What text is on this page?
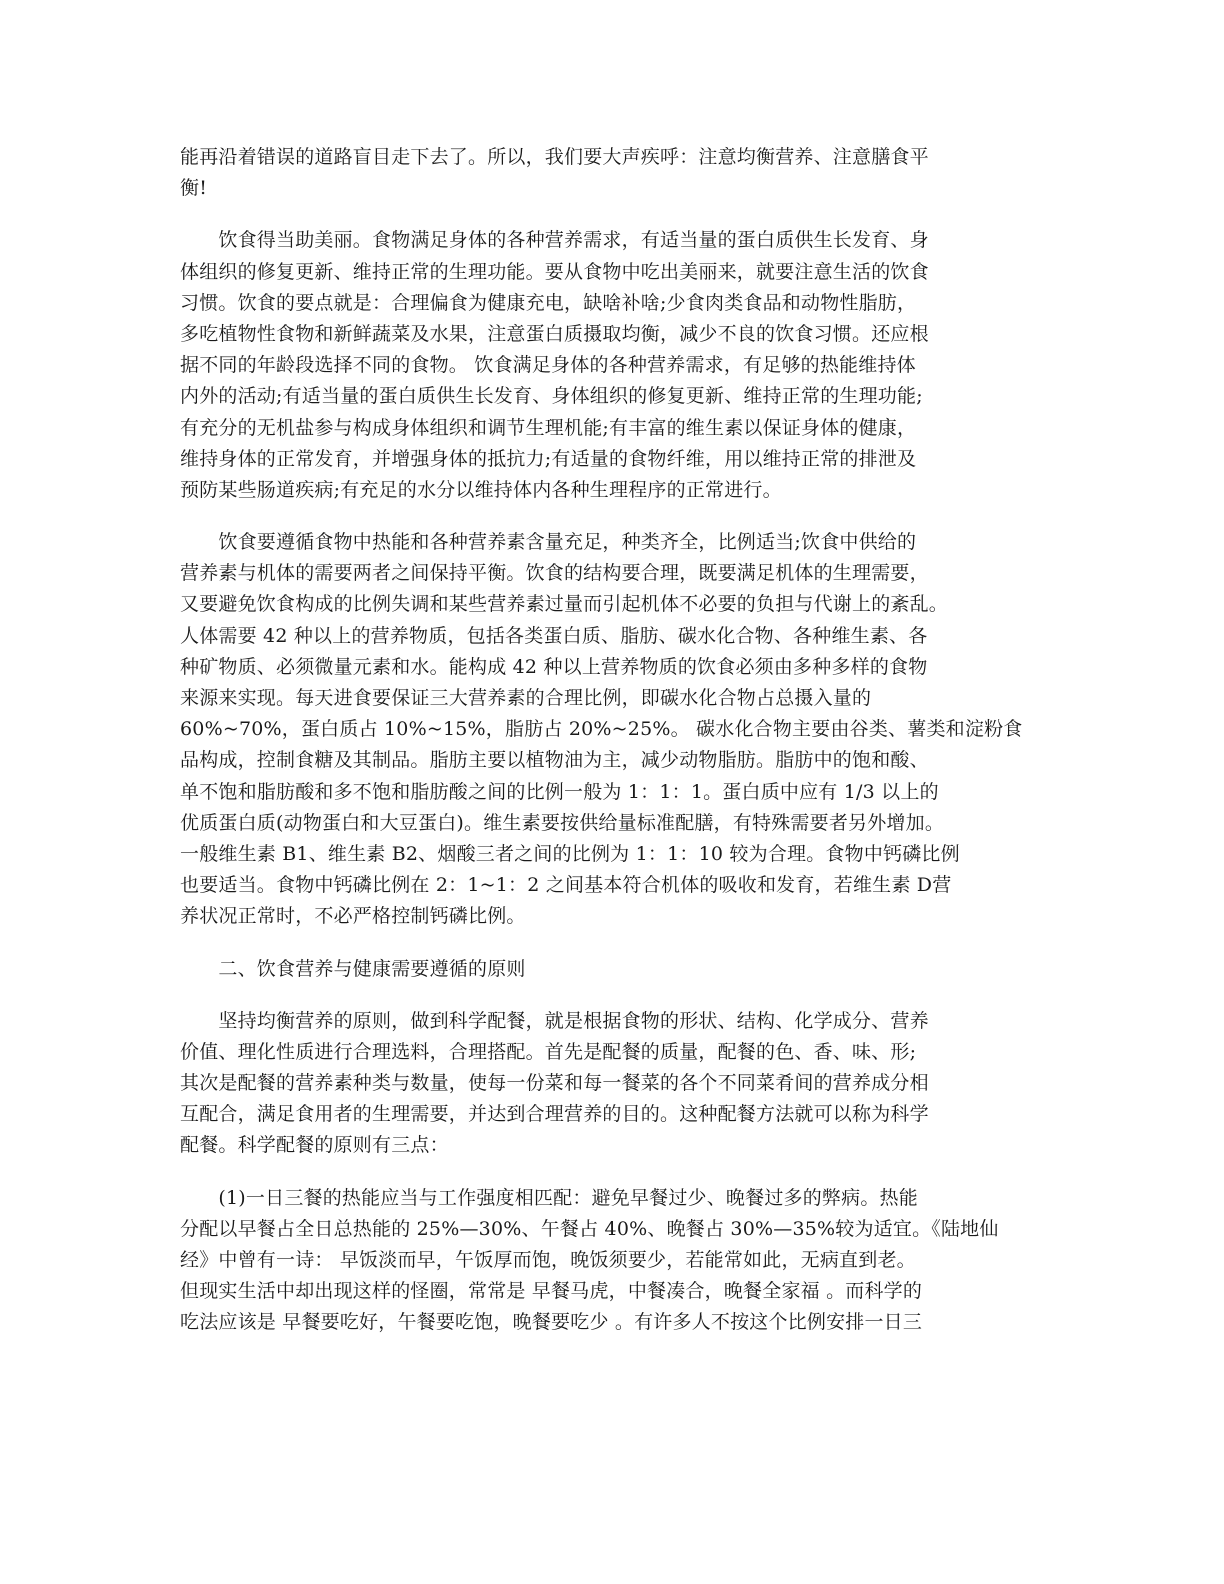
能再沿着错误的道路盲目走下去了。所以，我们要大声疾呼：注意均衡营养、注意膳食平
衡!
　　饮食得当助美丽。食物满足身体的各种营养需求，有适当量的蛋白质供生长发育、身
体组织的修复更新、维持正常的生理功能。要从食物中吃出美丽来，就要注意生活的饮食
习惯。饮食的要点就是：合理偏食为健康充电，缺啥补啥;少食肉类食品和动物性脂肪，
多吃植物性食物和新鲜蔬菜及水果，注意蛋白质摄取均衡，减少不良的饮食习惯。还应根
据不同的年龄段选择不同的食物。 饮食满足身体的各种营养需求，有足够的热能维持体
内外的活动;有适当量的蛋白质供生长发育、身体组织的修复更新、维持正常的生理功能;
有充分的无机盐参与构成身体组织和调节生理机能;有丰富的维生素以保证身体的健康，
维持身体的正常发育，并增强身体的抵抗力;有适量的食物纤维，用以维持正常的排泄及
预防某些肠道疾病;有充足的水分以维持体内各种生理程序的正常进行。
　　饮食要遵循食物中热能和各种营养素含量充足，种类齐全，比例适当;饮食中供给的
营养素与机体的需要两者之间保持平衡。饮食的结构要合理，既要满足机体的生理需要，
又要避免饮食构成的比例失调和某些营养素过量而引起机体不必要的负担与代谢上的紊乱。
人体需要 42 种以上的营养物质，包括各类蛋白质、脂肪、碳水化合物、各种维生素、各
种矿物质、必须微量元素和水。能构成 42 种以上营养物质的饮食必须由多种多样的食物
来源来实现。每天进食要保证三大营养素的合理比例，即碳水化合物占总摄入量的
60%~70%，蛋白质占 10%~15%，脂肪占 20%~25%。 碳水化合物主要由谷类、薯类和淀粉食
品构成，控制食糖及其制品。脂肪主要以植物油为主，减少动物脂肪。脂肪中的饱和酸、
单不饱和脂肪酸和多不饱和脂肪酸之间的比例一般为 1：1：1。蛋白质中应有 1/3 以上的
优质蛋白质(动物蛋白和大豆蛋白)。维生素要按供给量标准配膳，有特殊需要者另外增加。
一般维生素 B1、维生素 B2、烟酸三者之间的比例为 1：1：10 较为合理。食物中钙磷比例
也要适当。食物中钙磷比例在 2：1~1：2 之间基本符合机体的吸收和发育，若维生素 D营
养状况正常时，不必严格控制钙磷比例。
　　二、饮食营养与健康需要遵循的原则
　　坚持均衡营养的原则，做到科学配餐，就是根据食物的形状、结构、化学成分、营养
价值、理化性质进行合理选料，合理搭配。首先是配餐的质量，配餐的色、香、味、形;
其次是配餐的营养素种类与数量，使每一份菜和每一餐菜的各个不同菜肴间的营养成分相
互配合，满足食用者的生理需要，并达到合理营养的目的。这种配餐方法就可以称为科学
配餐。科学配餐的原则有三点：
　　(1)一日三餐的热能应当与工作强度相匹配：避免早餐过少、晚餐过多的弊病。热能
分配以早餐占全日总热能的 25%—30%、午餐占 40%、晚餐占 30%—35%较为适宜。《陆地仙
经》中曾有一诗： 早饭淡而早，午饭厚而饱，晚饭须要少，若能常如此，无病直到老。
但现实生活中却出现这样的怪圈，常常是 早餐马虎，中餐凑合，晚餐全家福 。而科学的
吃法应该是 早餐要吃好，午餐要吃饱，晚餐要吃少 。有许多人不按这个比例安排一日三
